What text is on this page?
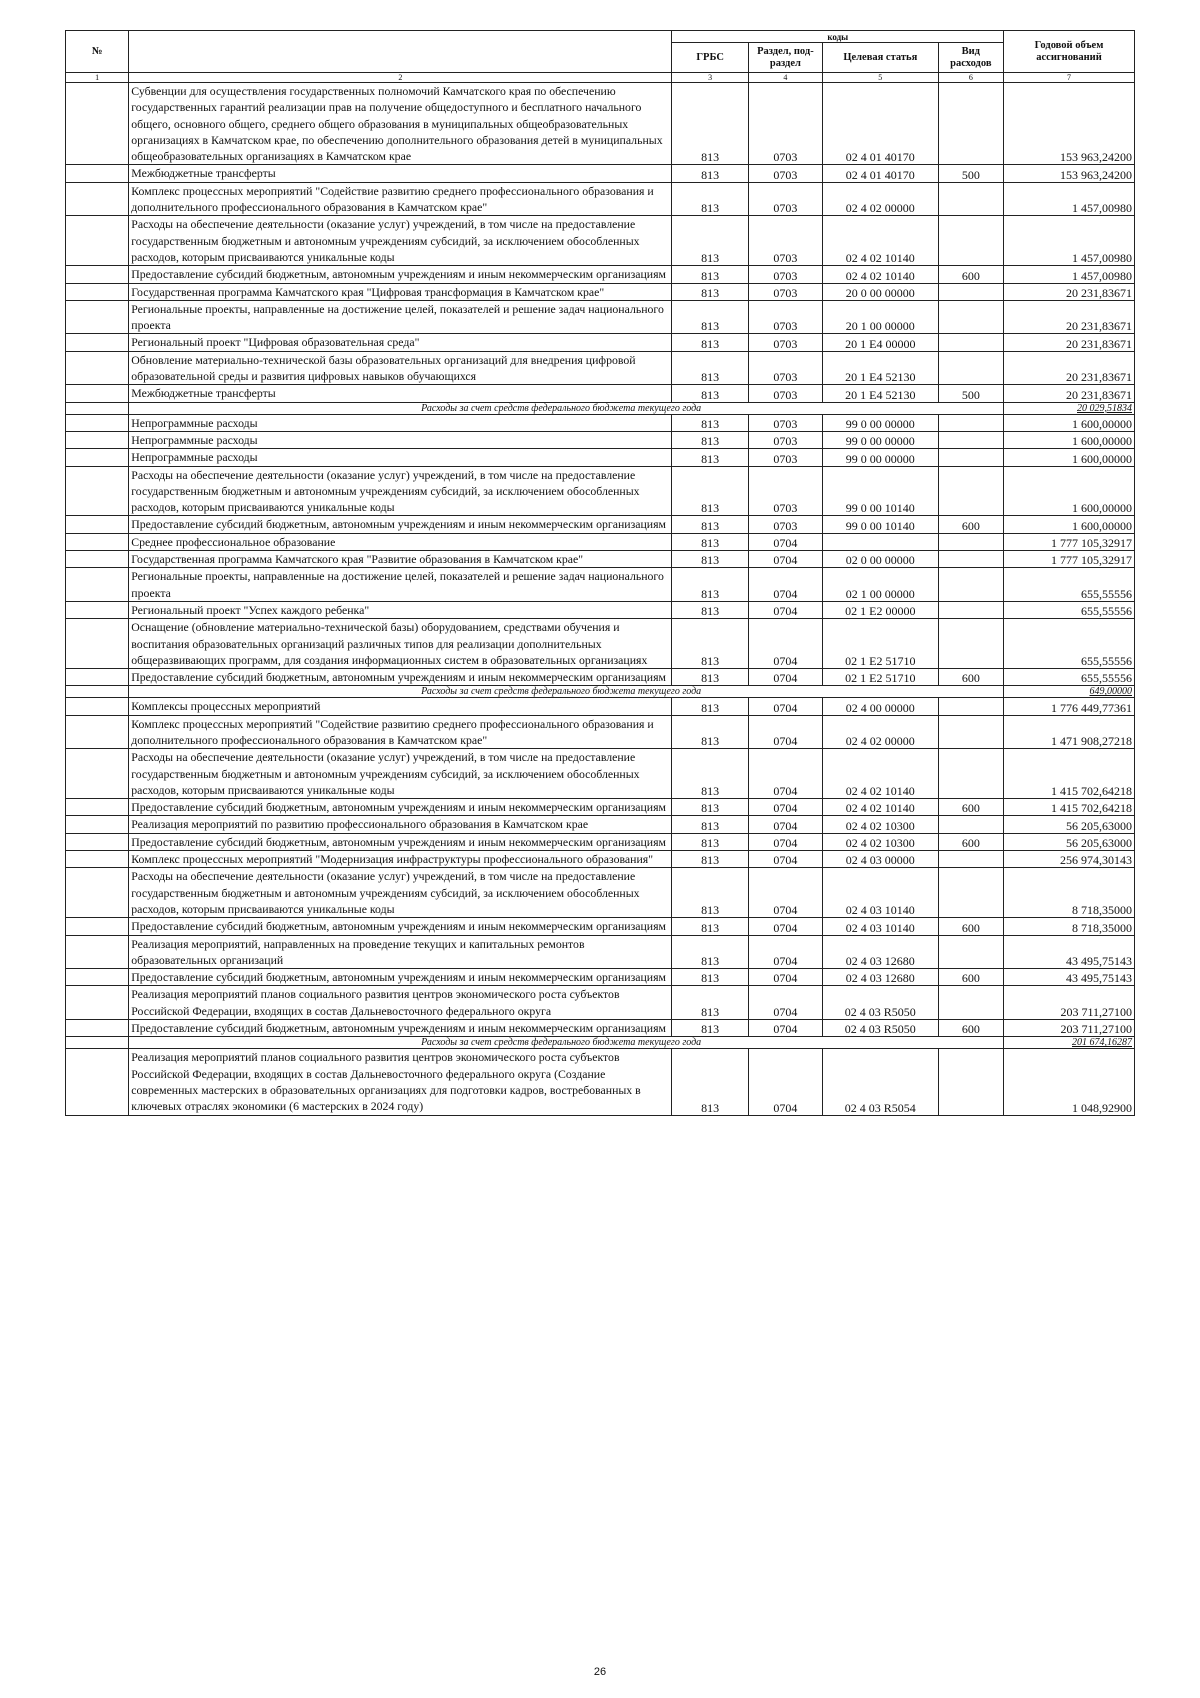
№		коды				Годовой объем ассигнований
		ГРБС	Раздел, под-раздел	Целевая статья	Вид расходов	
1	2	3	4	5	6	7
	Субвенции для осуществления государственных полномочий Камчатского края по обеспечению государственных гарантий реализации прав на получение общедоступного и бесплатного начального общего, основного общего, среднего общего образования в муниципальных общеобразовательных организациях в Камчатском крае, по обеспечению дополнительного образования детей в муниципальных общеобразовательных организациях в Камчатском крае	813	0703	02 4 01 40170		153 963,24200
	Межбюджетные трансферты	813	0703	02 4 01 40170	500	153 963,24200
	Комплекс процессных мероприятий "Содействие развитию среднего профессионального образования и дополнительного профессионального образования в Камчатском крае"	813	0703	02 4 02 00000		1 457,00980
	Расходы на обеспечение деятельности (оказание услуг) учреждений, в том числе на предоставление государственным бюджетным и автономным учреждениям субсидий, за исключением обособленных расходов, которым присваиваются уникальные коды	813	0703	02 4 02 10140		1 457,00980
	Предоставление субсидий бюджетным, автономным учреждениям и иным некоммерческим организациям	813	0703	02 4 02 10140	600	1 457,00980
	Государственная программа Камчатского края "Цифровая трансформация в Камчатском крае"	813	0703	20 0 00 00000		20 231,83671
	Региональные проекты, направленные на достижение целей, показателей и решение задач национального проекта	813	0703	20 1 00 00000		20 231,83671
	Региональный проект "Цифровая образовательная среда"	813	0703	20 1 Е4 00000		20 231,83671
	Обновление материально-технической базы образовательных организаций для внедрения цифровой образовательной среды и развития цифровых навыков обучающихся	813	0703	20 1 Е4 52130		20 231,83671
	Межбюджетные трансферты	813	0703	20 1 Е4 52130	500	20 231,83671
	Расходы за счет средств федерального бюджета текущего года					20 029,51834
	Непрограммные расходы	813	0703	99 0 00 00000		1 600,00000
	Непрограммные расходы	813	0703	99 0 00 00000		1 600,00000
	Непрограммные расходы	813	0703	99 0 00 00000		1 600,00000
	Расходы на обеспечение деятельности (оказание услуг) учреждений, в том числе на предоставление государственным бюджетным и автономным учреждениям субсидий, за исключением обособленных расходов, которым присваиваются уникальные коды	813	0703	99 0 00 10140		1 600,00000
	Предоставление субсидий бюджетным, автономным учреждениям и иным некоммерческим организациям	813	0703	99 0 00 10140	600	1 600,00000
	Среднее профессиональное образование	813	0704			1 777 105,32917
	Государственная программа Камчатского края "Развитие образования в Камчатском крае"	813	0704	02 0 00 00000		1 777 105,32917
	Региональные проекты, направленные на достижение целей, показателей и решение задач национального проекта	813	0704	02 1 00 00000		655,55556
	Региональный проект "Успех каждого ребенка"	813	0704	02 1 Е2 00000		655,55556
	Оснащение (обновление материально-технической базы) оборудованием, средствами обучения и воспитания образовательных организаций различных типов для реализации дополнительных общеразвивающих программ, для создания информационных систем в образовательных организациях	813	0704	02 1 Е2 51710		655,55556
	Предоставление субсидий бюджетным, автономным учреждениям и иным некоммерческим организациям	813	0704	02 1 Е2 51710	600	655,55556
	Расходы за счет средств федерального бюджета текущего года					649,00000
	Комплексы процессных мероприятий	813	0704	02 4 00 00000		1 776 449,77361
	Комплекс процессных мероприятий "Содействие развитию среднего профессионального образования и дополнительного профессионального образования в Камчатском крае"	813	0704	02 4 02 00000		1 471 908,27218
	Расходы на обеспечение деятельности (оказание услуг) учреждений, в том числе на предоставление государственным бюджетным и автономным учреждениям субсидий, за исключением обособленных расходов, которым присваиваются уникальные коды	813	0704	02 4 02 10140		1 415 702,64218
	Предоставление субсидий бюджетным, автономным учреждениям и иным некоммерческим организациям	813	0704	02 4 02 10140	600	1 415 702,64218
	Реализация мероприятий по развитию профессионального образования в Камчатском крае	813	0704	02 4 02 10300		56 205,63000
	Предоставление субсидий бюджетным, автономным учреждениям и иным некоммерческим организациям	813	0704	02 4 02 10300	600	56 205,63000
	Комплекс процессных мероприятий "Модернизация инфраструктуры профессионального образования"	813	0704	02 4 03 00000		256 974,30143
	Расходы на обеспечение деятельности (оказание услуг) учреждений, в том числе на предоставление государственным бюджетным и автономным учреждениям субсидий, за исключением обособленных расходов, которым присваиваются уникальные коды	813	0704	02 4 03 10140		8 718,35000
	Предоставление субсидий бюджетным, автономным учреждениям и иным некоммерческим организациям	813	0704	02 4 03 10140	600	8 718,35000
	Реализация мероприятий, направленных на проведение текущих и капитальных ремонтов образовательных организаций	813	0704	02 4 03 12680		43 495,75143
	Предоставление субсидий бюджетным, автономным учреждениям и иным некоммерческим организациям	813	0704	02 4 03 12680	600	43 495,75143
	Реализация мероприятий планов социального развития центров экономического роста субъектов Российской Федерации, входящих в состав Дальневосточного федерального округа	813	0704	02 4 03 R5050		203 711,27100
	Предоставление субсидий бюджетным, автономным учреждениям и иным некоммерческим организациям	813	0704	02 4 03 R5050	600	203 711,27100
	Расходы за счет средств федерального бюджета текущего года					201 674,16287
	Реализация мероприятий планов социального развития центров экономического роста субъектов Российской Федерации, входящих в состав Дальневосточного федерального округа (Создание современных мастерских в образовательных организациях для подготовки кадров, востребованных в ключевых отраслях экономики (6 мастерских в 2024 году)	813	0704	02 4 03 R5054		1 048,92900
26
